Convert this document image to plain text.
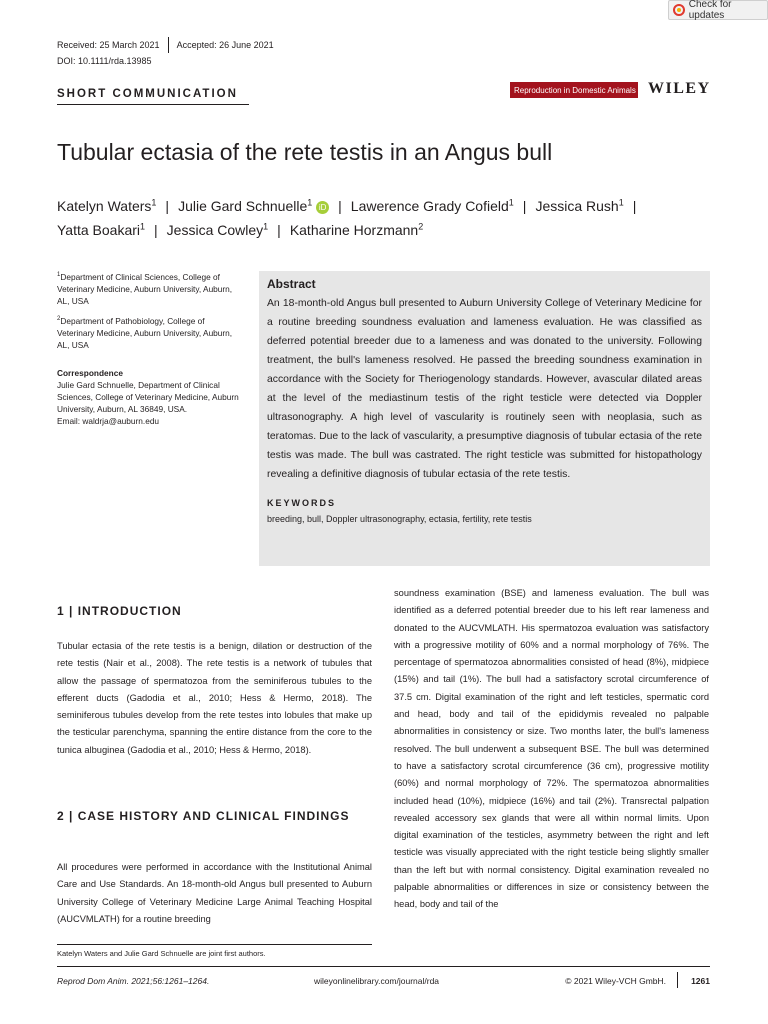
Check for updates
Received: 25 March 2021 Accepted: 26 June 2021
DOI: 10.1111/rda.13985
SHORT COMMUNICATION	Reproduction in Domestic Animals WILEY
Tubular ectasia of the rete testis in an Angus bull
Katelyn Waters$^1$ | Julie Gard Schnuelle$^1$ iD | Lawerence Grady Cofield$^1$ | Jessica Rush$^1$ |
Yatta Boakari$^1$ | Jessica Cowley$^1$ | Katharine Horzmann$^2$
$^1$Department of Clinical Sciences, College of Veterinary Medicine, Auburn University, Auburn, AL, USA
$^2$Department of Pathobiology, College of Veterinary Medicine, Auburn University, Auburn, AL, USA
Correspondence
Julie Gard Schnuelle, Department of Clinical Sciences, College of Veterinary Medicine, Auburn University, Auburn, AL 36849, USA.
Email: waldrja@auburn.edu
Abstract
An 18-month-old Angus bull presented to Auburn University College of Veterinary Medicine for a routine breeding soundness evaluation and lameness evaluation. He was classified as deferred potential breeder due to a lameness and was donated to the university. Following treatment, the bull's lameness resolved. He passed the breeding soundness examination in accordance with the Society for Theriogenology standards. However, avascular dilated areas at the level of the mediastinum testis of the right testicle were detected via Doppler ultrasonography. A high level of vascularity is routinely seen with neoplasia, such as teratomas. Due to the lack of vascularity, a presumptive diagnosis of tubular ectasia of the rete testis was made. The bull was castrated. The right testicle was submitted for histopathology revealing a definitive diagnosis of tubular ectasia of the rete testis.
KEYWORDS
breeding, bull, Doppler ultrasonography, ectasia, fertility, rete testis
1 | INTRODUCTION
Tubular ectasia of the rete testis is a benign, dilation or destruction of the rete testis (Nair et al., 2008). The rete testis is a network of tubules that allow the passage of spermatozoa from the seminiferous tubules to the efferent ducts (Gadodia et al., 2010; Hess & Hermo, 2018). The seminiferous tubules develop from the rete testes into lobules that make up the testicular parenchyma, spanning the entire distance from the core to the tunica albuginea (Gadodia et al., 2010; Hess & Hermo, 2018).
2 | CASE HISTORY AND CLINICAL FINDINGS
All procedures were performed in accordance with the Institutional Animal Care and Use Standards. An 18-month-old Angus bull presented to Auburn University College of Veterinary Medicine Large Animal Teaching Hospital (AUCVMLATH) for a routine breeding
soundness examination (BSE) and lameness evaluation. The bull was identified as a deferred potential breeder due to his left rear lameness and donated to the AUCVMLATH. His spermatozoa evaluation was satisfactory with a progressive motility of 60% and a normal morphology of 76%. The percentage of spermatozoa abnormalities consisted of head (8%), midpiece (15%) and tail (1%). The bull had a satisfactory scrotal circumference of 37.5 cm. Digital examination of the right and left testicles, spermatic cord and head, body and tail of the epididymis revealed no palpable abnormalities in consistency or size. Two months later, the bull's lameness resolved. The bull underwent a subsequent BSE. The bull was determined to have a satisfactory scrotal circumference (36 cm), progressive motility (60%) and normal morphology of 72%. The spermatozoa abnormalities included head (10%), midpiece (16%) and tail (2%). Transrectal palpation revealed accessory sex glands that were all within normal limits. Upon digital examination of the testicles, asymmetry between the right and left testicle was visually appreciated with the right testicle being slightly smaller than the left but with normal consistency. Digital examination revealed no palpable abnormalities or differences in size or consistency between the head, body and tail of the
Katelyn Waters and Julie Gard Schnuelle are joint first authors.
Reprod Dom Anim. 2021;56:1261–1264.	wileyonlinelibrary.com/journal/rda	© 2021 Wiley-VCH GmbH.	1261
